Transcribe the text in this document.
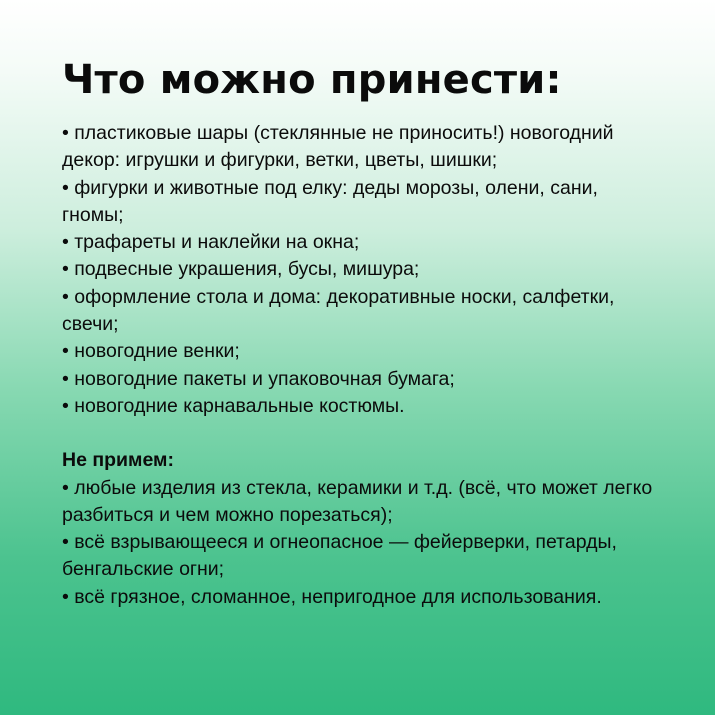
Что можно принести:
• пластиковые шары (стеклянные не приносить!) новогодний декор: игрушки и фигурки, ветки, цветы, шишки;
• фигурки и животные под елку: деды морозы, олени, сани, гномы;
• трафареты и наклейки на окна;
• подвесные украшения, бусы, мишура;
• оформление стола и дома: декоративные носки, салфетки, свечи;
• новогодние венки;
• новогодние пакеты и упаковочная бумага;
• новогодние карнавальные костюмы.

Не примем:

• любые изделия из стекла, керамики и т.д. (всё, что может легко разбиться и чем можно порезаться);
• всё взрывающееся и огнеопасное — фейерверки, петарды, бенгальские огни;
• всё грязное, сломанное, непригодное для использования.
